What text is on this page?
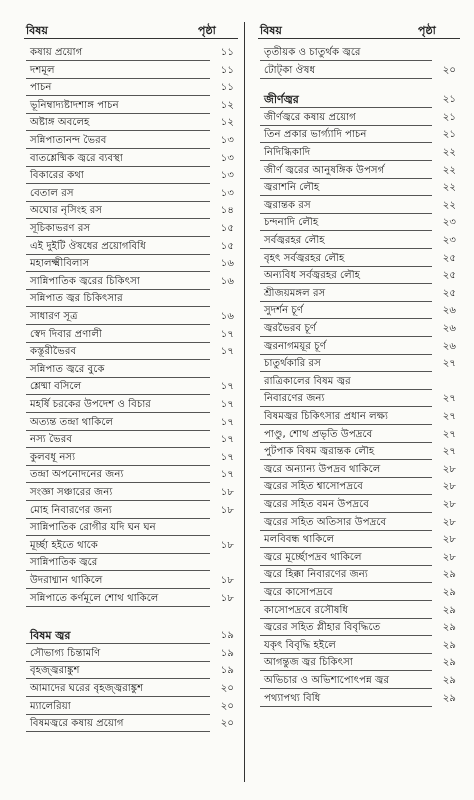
বিষয়	পৃষ্ঠা
কষায় প্রয়োগ	১১
দশমূল	১১
পাচন	১১
ভূনিম্বাদ্যষ্টাদশাঙ্গ পাচন	১২
অষ্টাঙ্গ অবলেহ	১২
সন্নিপাতানন্দ ভৈরব	১৩
বাতশ্লেষ্মিক জ্বরে ব্যবস্থা	১৩
বিকারের কথা	১৩
বেতাল রস	১৩
অঘোর নৃসিংহ রস	১৪
সূচিকাভরণ রস	১৫
এই দুইটি ঔষধের প্রয়োগবিধি	১৫
মহালক্ষ্মীবিলাস	১৬
সান্নিপাতিক জ্বরের চিকিৎসা	১৬
সন্নিপাত জ্বর চিকিৎসার
সাধারণ সূত্র	১৬
স্বেদ দিবার প্রণালী	১৭
কস্তূরীভৈরব	১৭
সন্নিপাত জ্বরে বুকে
শ্লেষ্মা বসিলে	১৭
মহর্ষি চরকের উপদেশ ও বিচার	১৭
অত্যন্ত তন্দ্রা থাকিলে	১৭
নস্য ভৈরব	১৭
কুলবধূ নস্য	১৭
তন্দ্রা অপনোদনের জন্য	১৭
সংজ্ঞা সঞ্চারের জন্য	১৮
মোহ নিবারণের জন্য	১৮
সান্নিপাতিক রোগীর যদি ঘন ঘন
মূর্চ্ছা হইতে থাকে	১৮
সান্নিপাতিক জ্বরে
উদরাধ্মান থাকিলে	১৮
সন্নিপাতে কর্ণমূলে শোথ থাকিলে	১৮
বিষম জ্বর	১৯
সৌভাগ্য চিন্তামণি	১৯
বৃহজ্জ্বরাঙ্কুশ	১৯
আমাদের ঘরের বৃহজ্জ্বরাঙ্কুশ	২০
ম্যালেরিয়া	২০
বিষমজ্বরে কষায় প্রয়োগ	২০
বিষয়	পৃষ্ঠা
তৃতীয়ক ও চাতুর্থক জ্বরে
টোট্‌কা ঔষধ	২০
জীর্ণজ্বর	২১
জীর্ণজ্বরে কষায় প্রয়োগ	২১
তিন প্রকার ভার্গ্যাদি পাচন	২১
নিদিগ্ধিকাদি	২২
জীর্ণ জ্বরের আনুষঙ্গিক উপসর্গ	২২
জ্বরাশনি লৌহ	২২
জ্বরান্তক রস	২২
চন্দনাদি লৌহ	২৩
সর্বজ্বরহর লৌহ	২৩
বৃহৎ সর্বজ্বরহর লৌহ	২৫
অন্যবিধ সর্বজ্বরহর লৌহ	২৫
শ্রীজয়মঙ্গল রস	২৫
সুদর্শন চূর্ণ	২৬
জ্বরভৈরব চূর্ণ	২৬
জ্বরনাগময়ূর চূর্ণ	২৬
চাতুর্থকারি রস	২৭
রাত্রিকালের বিষম জ্বর
নিবারণের জন্য	২৭
বিষমজ্বর চিকিৎসার প্রধান লক্ষ্য	২৭
পাণ্ডু, শোথ প্রভৃতি উপদ্রবে	২৭
পুটপাক বিষম জ্বরান্তক লৌহ	২৭
জ্বরে অন্যান্য উপদ্রব থাকিলে	২৮
জ্বরের সহিত শ্বাসোপদ্রবে	২৮
জ্বরের সহিত বমন উপদ্রবে	২৮
জ্বরের সহিত অতিসার উপদ্রবে	২৮
মলবিবন্ধ থাকিলে	২৮
জ্বরে মূর্চ্ছোপদ্রব থাকিলে	২৮
জ্বরে হিক্কা নিবারণের জন্য	২৯
জ্বরে কাসোপদ্রবে	২৯
কাসোপদ্রবে রসৌষধি	২৯
জ্বরের সহিত প্লীহার বিবৃদ্ধিতে	২৯
যকৃৎ বিবৃদ্ধি হইলে	২৯
আগন্তুজ জ্বর চিকিৎসা	২৯
অভিচার ও অভিশাপোৎপন্ন জ্বর	২৯
পথ্যাপথ্য বিধি	২৯
